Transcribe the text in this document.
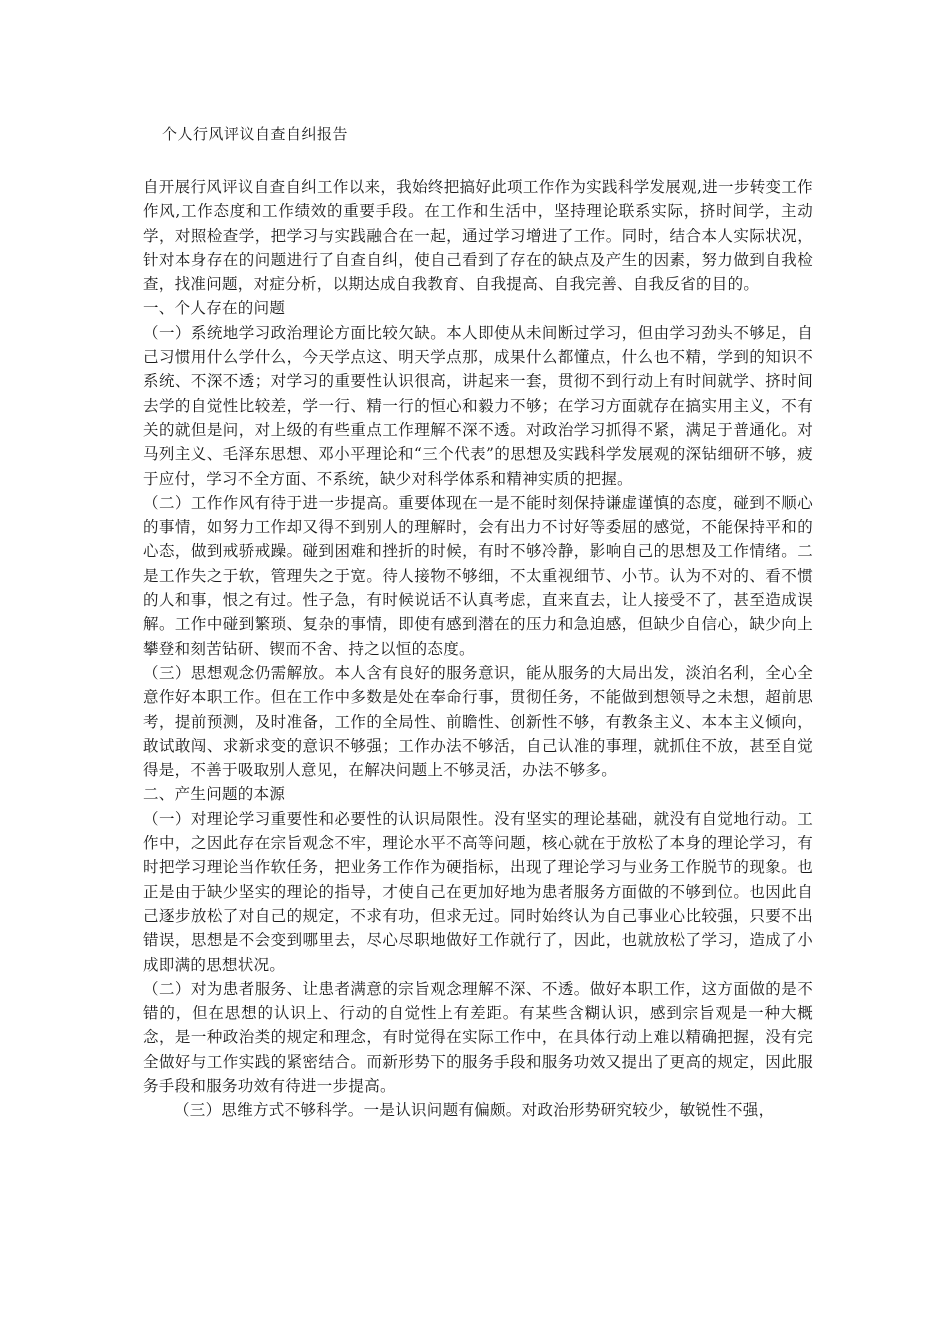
个人行风评议自查自纠报告

自开展行风评议自查自纠工作以来，我始终把搞好此项工作作为实践科学发展观,进一步转变工作作风,工作态度和工作绩效的重要手段。在工作和生活中，坚持理论联系实际，挤时间学，主动学，对照检查学，把学习与实践融合在一起，通过学习增进了工作。同时，结合本人实际状况，针对本身存在的问题进行了自查自纠，使自己看到了存在的缺点及产生的因素，努力做到自我检查，找准问题，对症分析，以期达成自我教育、自我提高、自我完善、自我反省的目的。

一、个人存在的问题

（一）系统地学习政治理论方面比较欠缺。本人即使从未间断过学习，但由学习劲头不够足，自己习惯用什么学什么，今天学点这、明天学点那，成果什么都懂点，什么也不精，学到的知识不系统、不深不透；对学习的重要性认识很高，讲起来一套，贯彻不到行动上有时间就学、挤时间去学的自觉性比较差，学一行、精一行的恒心和毅力不够；在学习方面就存在搞实用主义，不有关的就但是问，对上级的有些重点工作理解不深不透。对政治学习抓得不紧，满足于普通化。对马列主义、毛泽东思想、邓小平理论和“三个代表”的思想及实践科学发展观的深钻细研不够，疲于应付，学习不全方面、不系统，缺少对科学体系和精神实质的把握。

（二）工作作风有待于进一步提高。重要体现在一是不能时刻保持谦虚谨慎的态度，碰到不顺心的事情，如努力工作却又得不到别人的理解时，会有出力不讨好等委屈的感觉，不能保持平和的心态，做到戒骄戒躁。碰到困难和挫折的时候，有时不够冷静，影响自己的思想及工作情绪。二是工作失之于软，管理失之于宽。待人接物不够细，不太重视细节、小节。认为不对的、看不惯的人和事，恨之有过。性子急，有时候说话不认真考虑，直来直去，让人接受不了，甚至造成误解。工作中碰到繁琐、复杂的事情，即使有感到潜在的压力和急迫感，但缺少自信心，缺少向上攀登和刻苦钻研、锲而不舍、持之以恒的态度。

（三）思想观念仍需解放。本人含有良好的服务意识，能从服务的大局出发，淡泊名利，全心全意作好本职工作。但在工作中多数是处在奉命行事，贯彻任务，不能做到想领导之未想，超前思考，提前预测，及时准备，工作的全局性、前瞻性、创新性不够，有教条主义、本本主义倾向，敢试敢闯、求新求变的意识不够强；工作办法不够活，自己认准的事理，就抓住不放，甚至自觉得是，不善于吸取别人意见，在解决问题上不够灵活，办法不够多。

二、产生问题的本源

（一）对理论学习重要性和必要性的认识局限性。没有坚实的理论基础，就没有自觉地行动。工作中，之因此存在宗旨观念不牢，理论水平不高等问题，核心就在于放松了本身的理论学习，有时把学习理论当作软任务，把业务工作作为硬指标，出现了理论学习与业务工作脱节的现象。也正是由于缺少坚实的理论的指导，才使自己在更加好地为患者服务方面做的不够到位。也因此自己逐步放松了对自己的规定，不求有功，但求无过。同时始终认为自己事业心比较强，只要不出错误，思想是不会变到哪里去，尽心尽职地做好工作就行了，因此，也就放松了学习，造成了小成即满的思想状况。

（二）对为患者服务、让患者满意的宗旨观念理解不深、不透。做好本职工作，这方面做的是不错的，但在思想的认识上、行动的自觉性上有差距。有某些含糊认识，感到宗旨观是一种大概念，是一种政治类的规定和理念，有时觉得在实际工作中，在具体行动上难以精确把握，没有完全做好与工作实践的紧密结合。而新形势下的服务手段和服务功效又提出了更高的规定，因此服务手段和服务功效有待进一步提高。

（三）思维方式不够科学。一是认识问题有偏颇。对政治形势研究较少，敏锐性不强，
